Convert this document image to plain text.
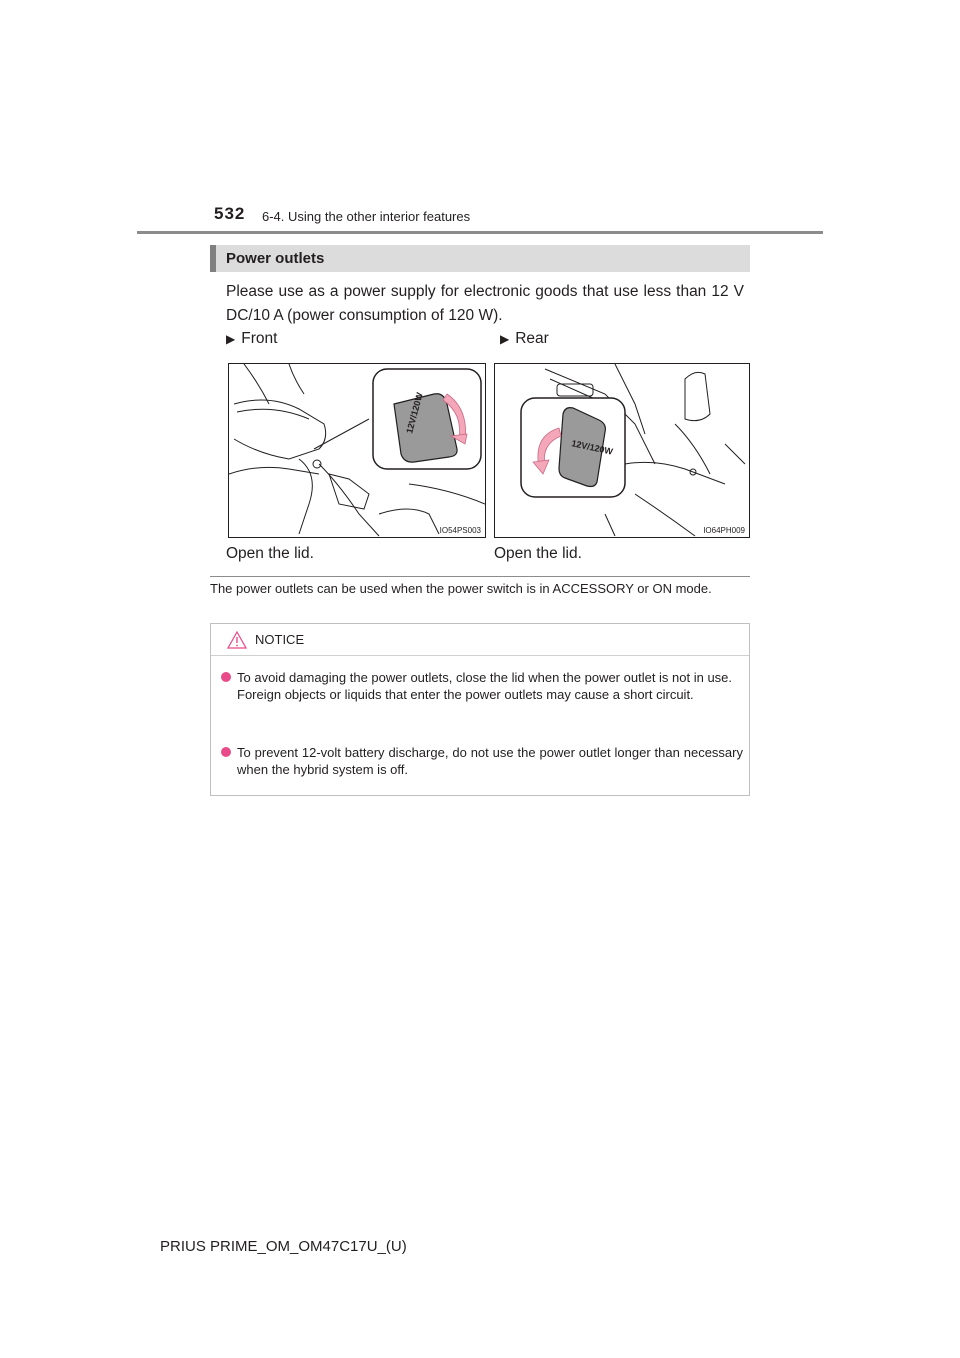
532 6-4. Using the other interior features
Power outlets
Please use as a power supply for electronic goods that use less than 12 V DC/10 A (power consumption of 120 W).
▶ Front	▶ Rear
12V/120W
IO54PS003
12V/120W
IO64PH009
Open the lid.	Open the lid.
The power outlets can be used when the power switch is in ACCESSORY or ON mode.
NOTICE
To avoid damaging the power outlets, close the lid when the power outlet is not in use.
Foreign objects or liquids that enter the power outlets may cause a short circuit.
To prevent 12-volt battery discharge, do not use the power outlet longer than necessary when the hybrid system is off.
PRIUS PRIME_OM_OM47C17U_(U)
